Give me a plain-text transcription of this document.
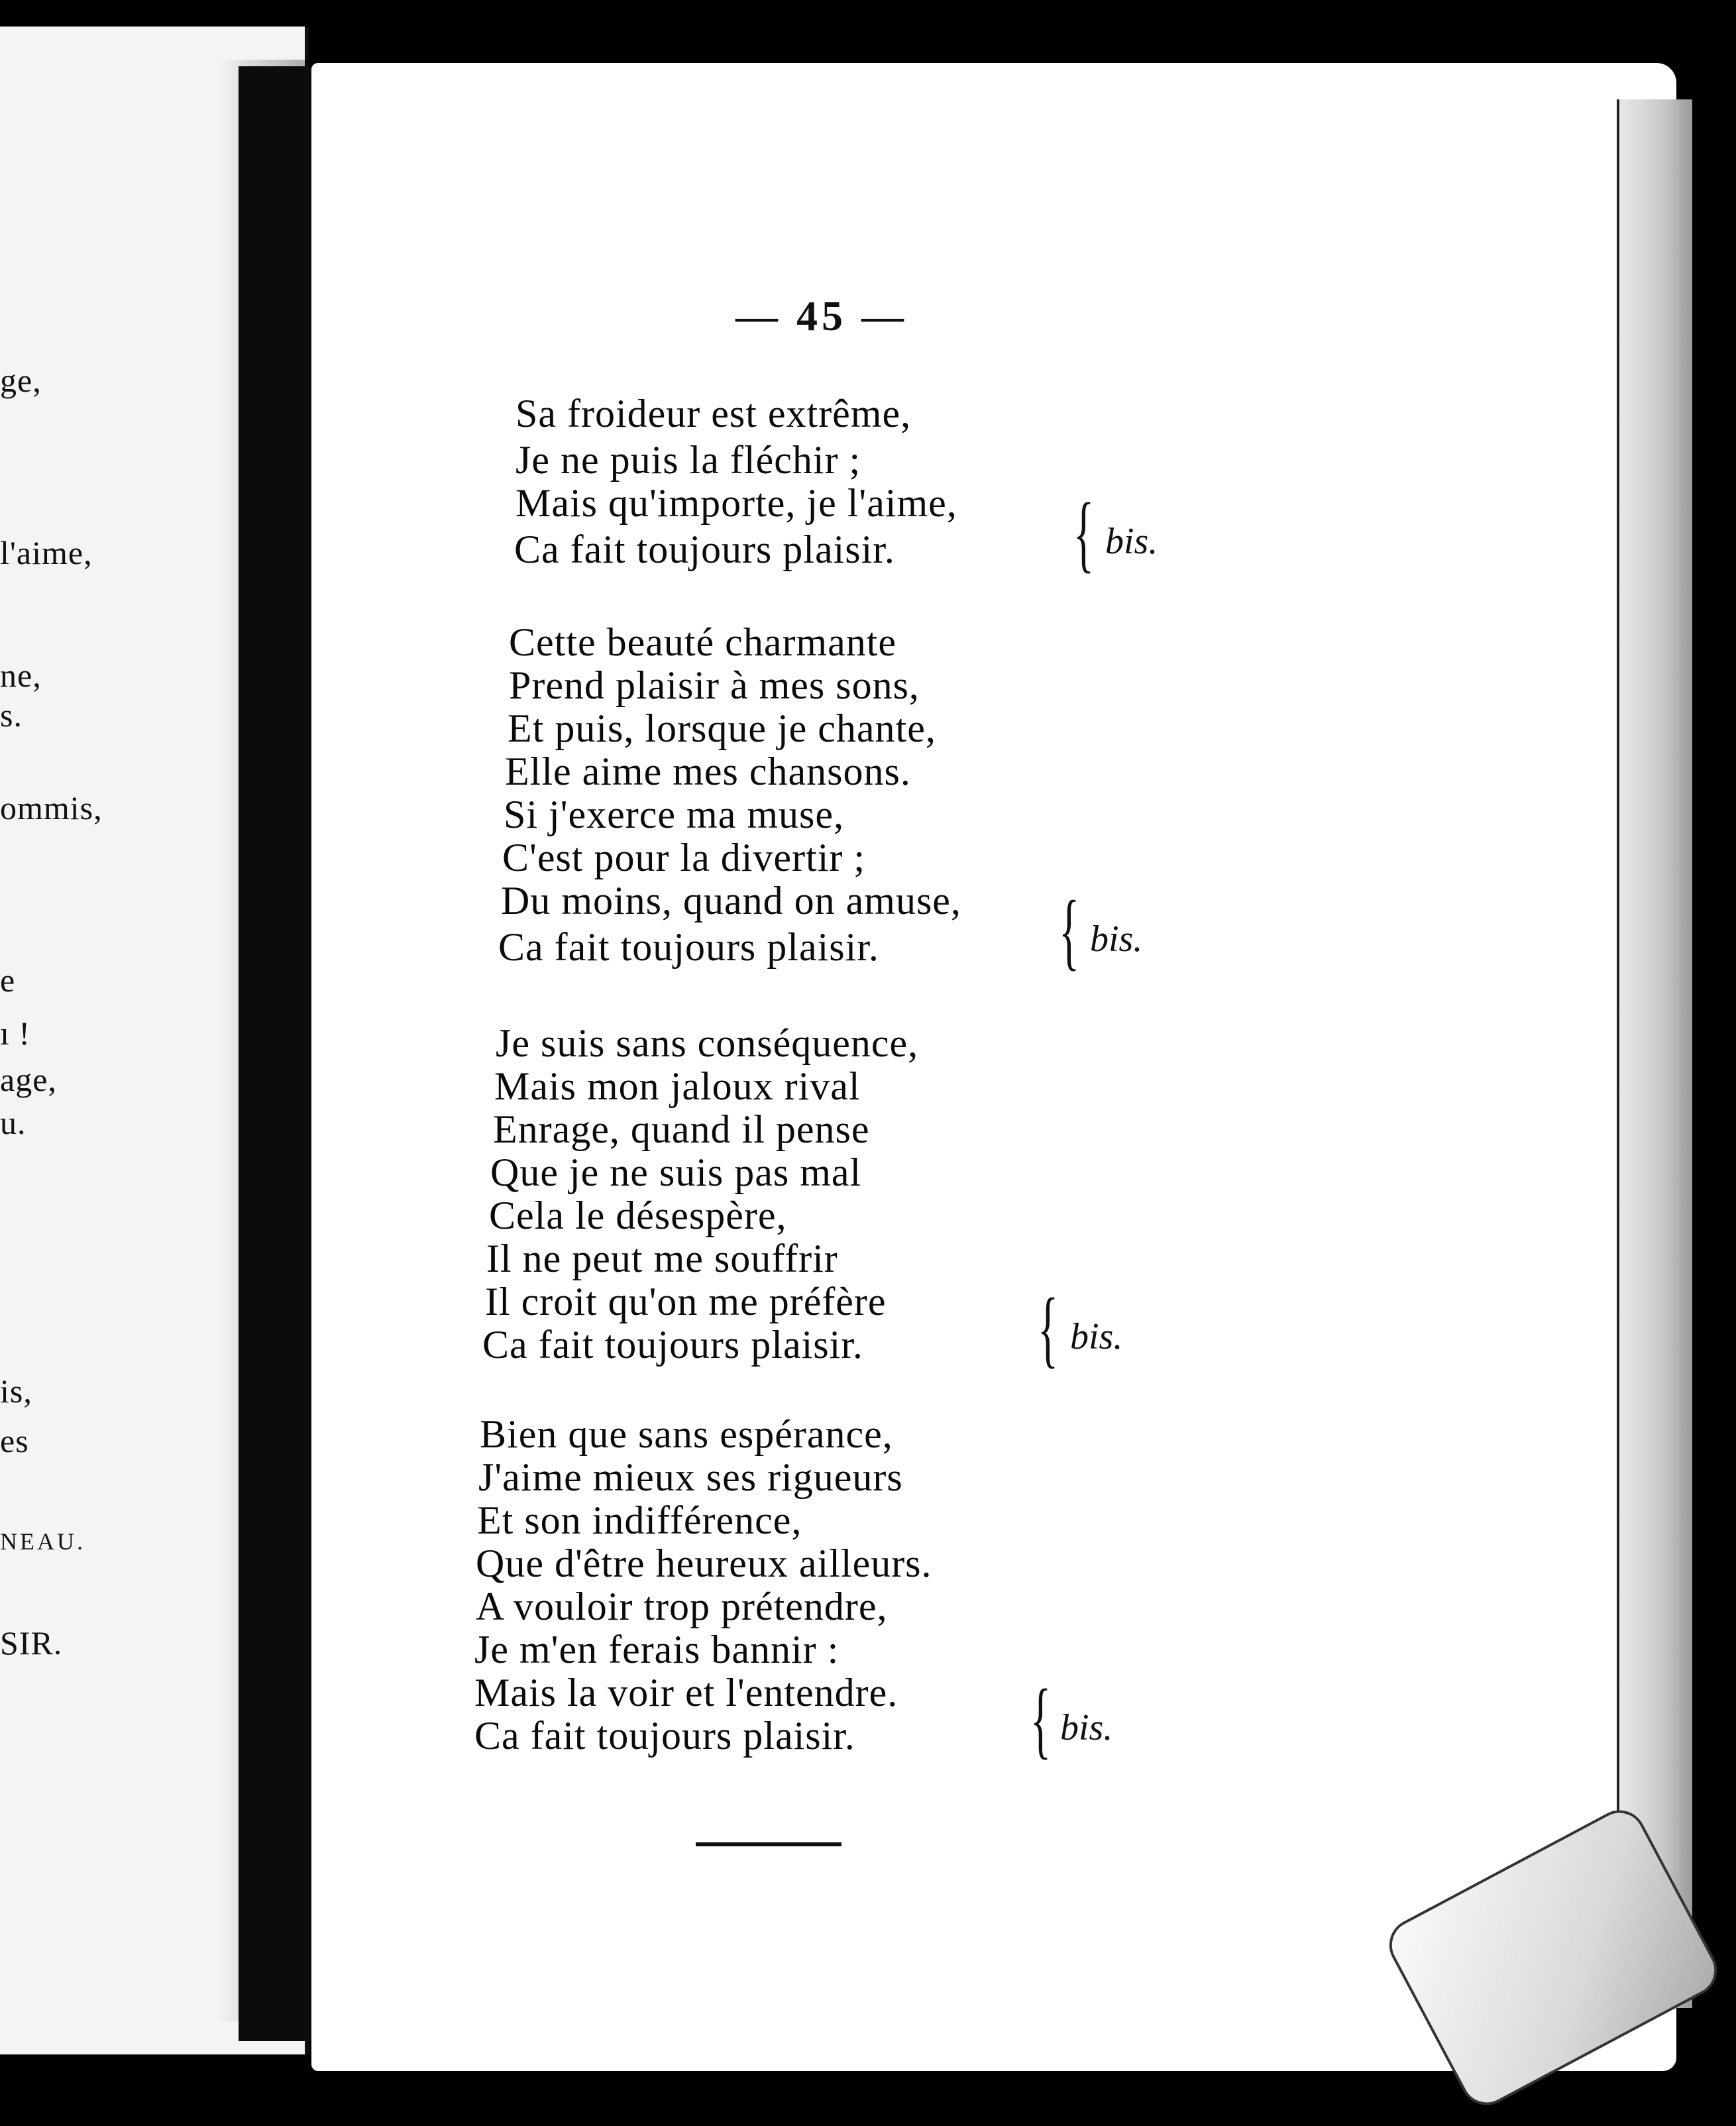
ge,
l'aime,
ne,
s.
ommis,
e
ı !
age,
u.
is,
es
NEAU.
SIR.
— 45 —
Sa froideur est extrême,
Je ne puis la fléchir ;
Mais qu'importe, je l'aime,
Ca fait toujours plaisir. { bis.
Cette beauté charmante
Prend plaisir à mes sons,
Et puis, lorsque je chante,
Elle aime mes chansons.
Si j'exerce ma muse,
C'est pour la divertir ;
Du moins, quand on amuse,
Ca fait toujours plaisir. { bis.
Je suis sans conséquence,
Mais mon jaloux rival
Enrage, quand il pense
Que je ne suis pas mal
Cela le désespère,
Il ne peut me souffrir
Il croit qu'on me préfère
Ca fait toujours plaisir. { bis.
Bien que sans espérance,
J'aime mieux ses rigueurs
Et son indifférence,
Que d'être heureux ailleurs.
A vouloir trop prétendre,
Je m'en ferais bannir :
Mais la voir et l'entendre.
Ca fait toujours plaisir. { bis.
